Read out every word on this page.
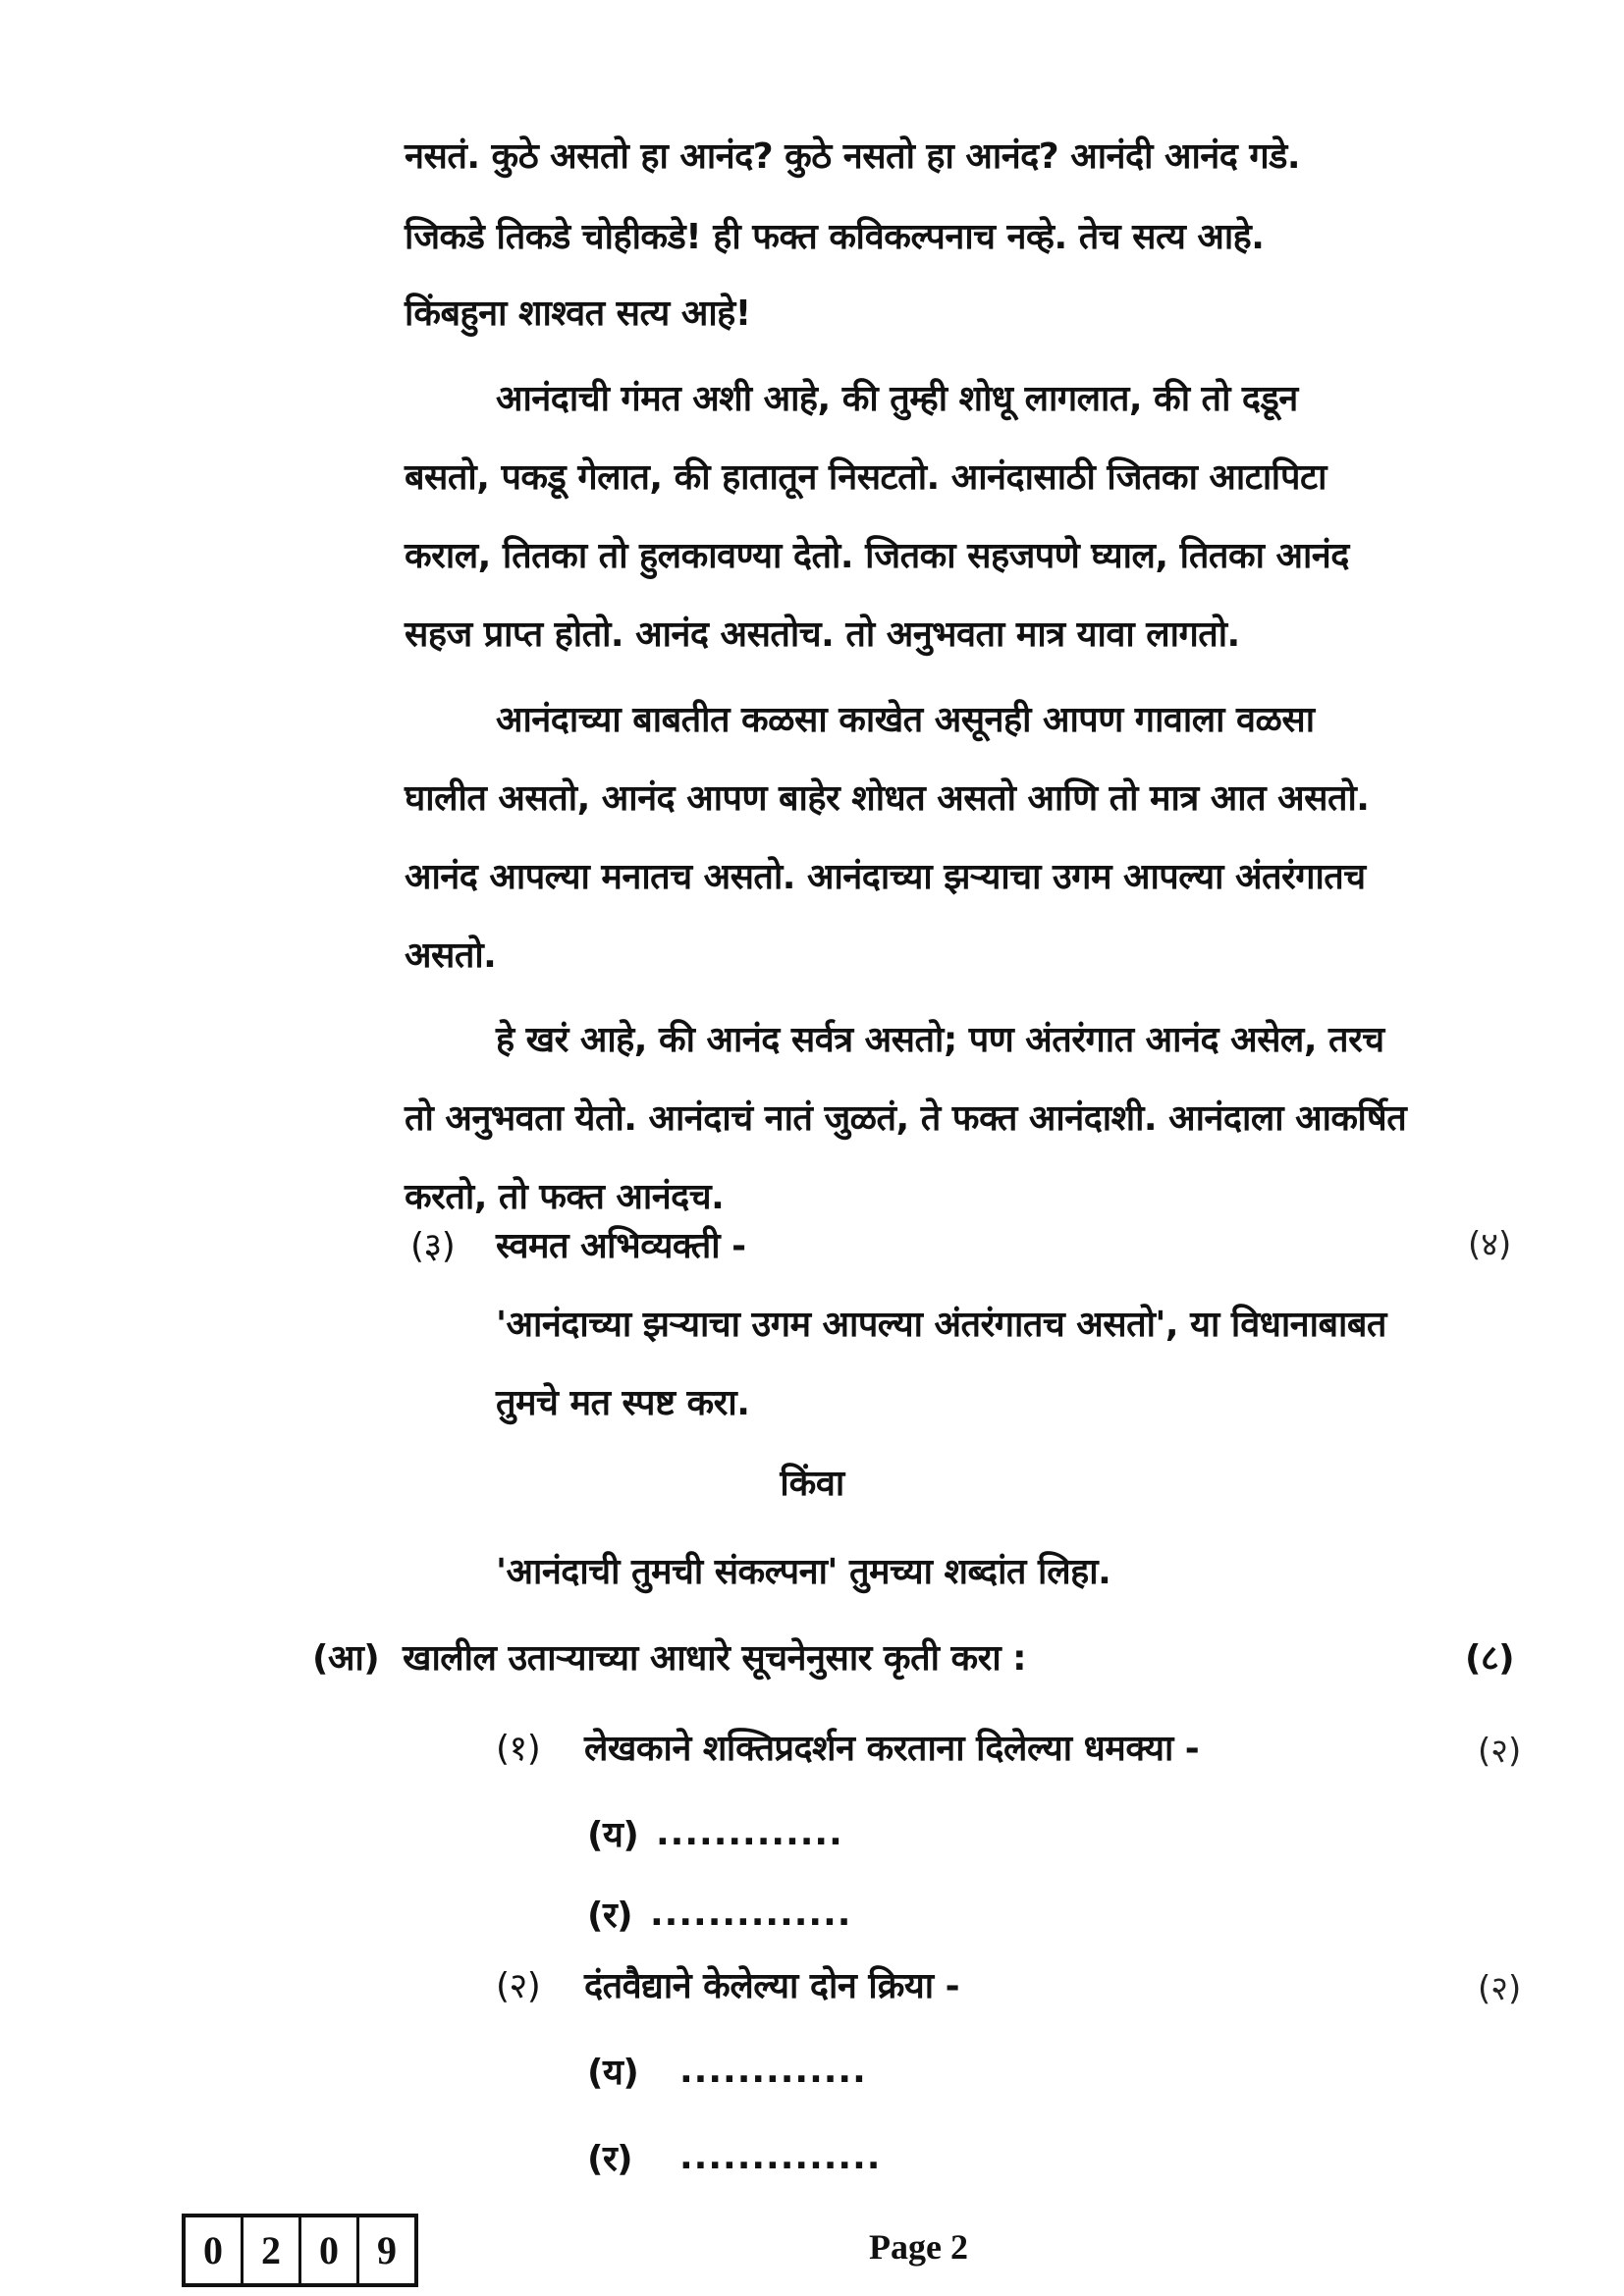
नसतं. कुठे असतो हा आनंद? कुठे नसतो हा आनंद? आनंदी आनंद गडे.
जिकडे तिकडे चोहीकडे! ही फक्त कविकल्पनाच नव्हे. तेच सत्य आहे.
किंबहुना शाश्वत सत्य आहे!
आनंदाची गंमत अशी आहे, की तुम्ही शोधू लागलात, की तो दडून
बसतो, पकडू गेलात, की हातातून निसटतो. आनंदासाठी जितका आटापिटा
कराल, तितका तो हुलकावण्या देतो. जितका सहजपणे घ्याल, तितका आनंद
सहज प्राप्त होतो. आनंद असतोच. तो अनुभवता मात्र यावा लागतो.
आनंदाच्या बाबतीत कळसा काखेत असूनही आपण गावाला वळसा
घालीत असतो, आनंद आपण बाहेर शोधत असतो आणि तो मात्र आत असतो.
आनंद आपल्या मनातच असतो. आनंदाच्या झऱ्याचा उगम आपल्या अंतरंगातच
असतो.
हे खरं आहे, की आनंद सर्वत्र असतो; पण अंतरंगात आनंद असेल, तरच
तो अनुभवता येतो. आनंदाचं नातं जुळतं, ते फक्त आनंदाशी. आनंदाला आकर्षित
करतो, तो फक्त आनंदच.
(३) स्वमत अभिव्यक्ती -	(४)
'आनंदाच्या झऱ्याचा उगम आपल्या अंतरंगातच असतो', या विधानाबाबत
तुमचे मत स्पष्ट करा.
किंवा
'आनंदाची तुमची संकल्पना' तुमच्या शब्दांत लिहा.
(आ) खालील उताऱ्याच्या आधारे सूचनेनुसार कृती करा :	(८)
(१) लेखकाने शक्तिप्रदर्शन करताना दिलेल्या धमक्या -	(२)
(य) .............
(र) ..............
(२) दंतवैद्याने केलेल्या दोन क्रिया -	(२)
(य) .............
(र) ..............
0 2 0 9	Page 2
